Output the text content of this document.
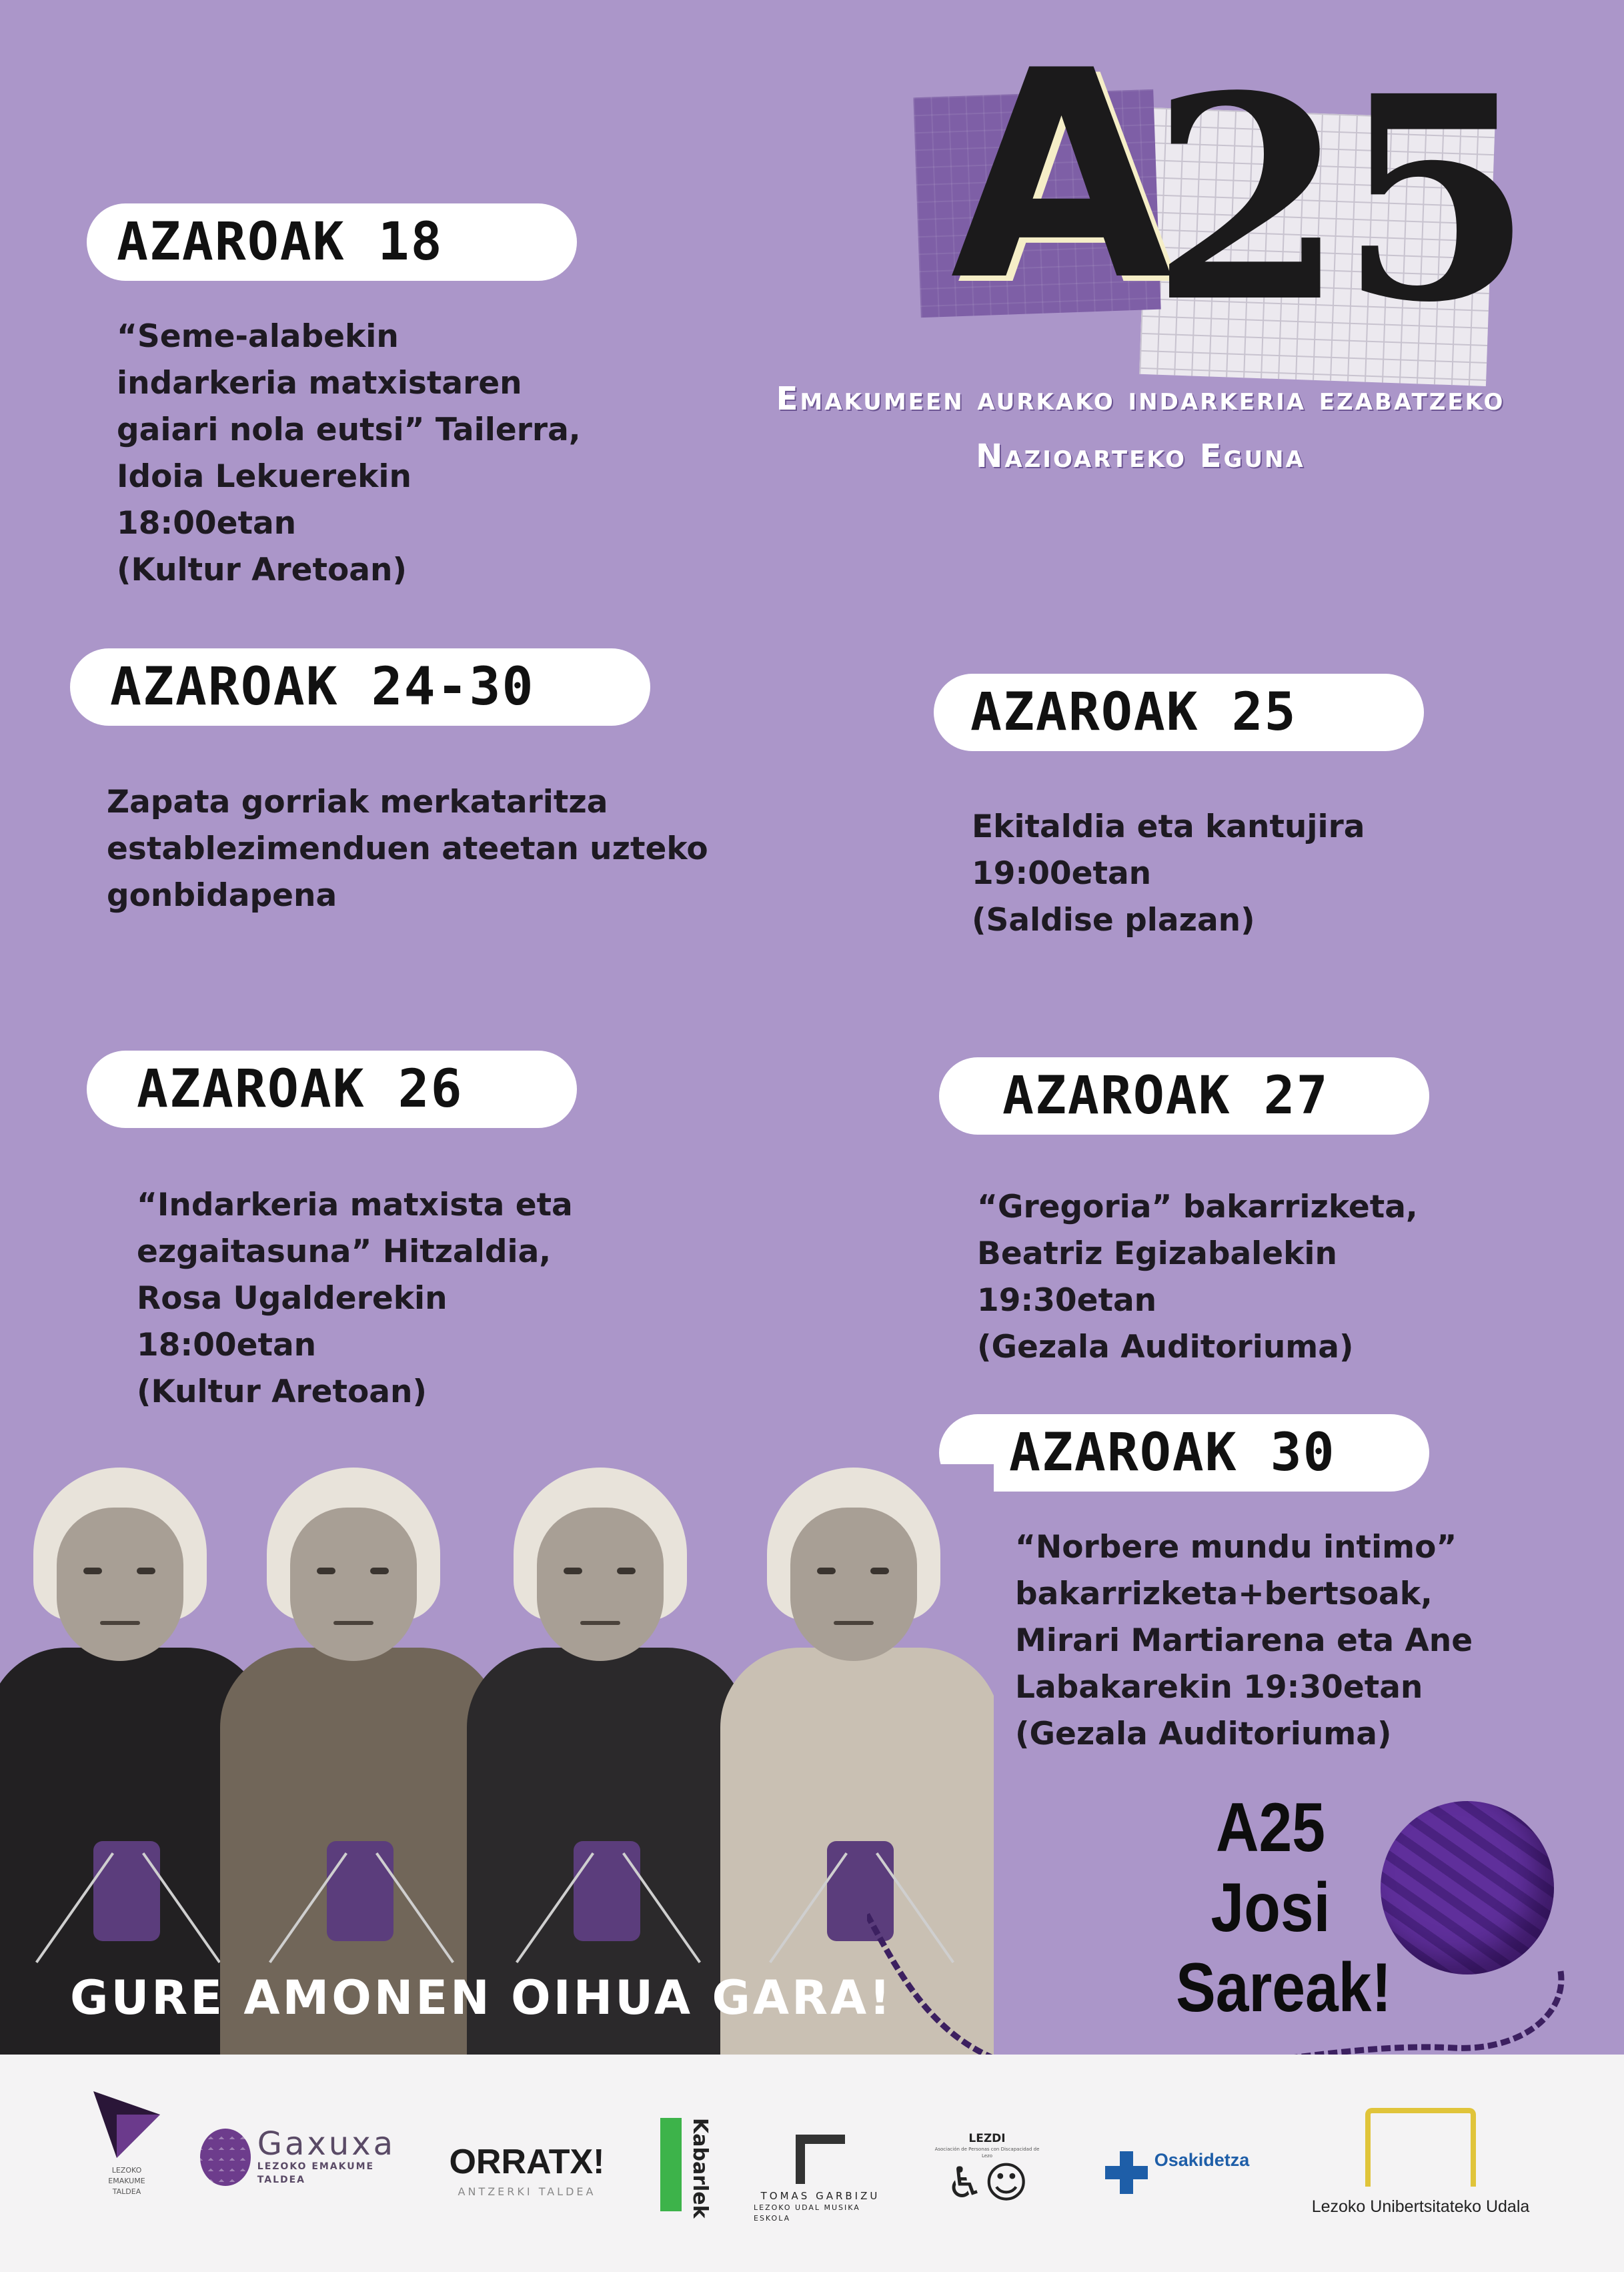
A
25
Emakumeen aurkako indarkeria ezabatzeko
Nazioarteko Eguna
AZAROAK 18
“Seme-alabekin
indarkeria matxistaren
gaiari nola eutsi” Tailerra,
Idoia Lekuerekin
18:00etan
(Kultur Aretoan)
AZAROAK 24-30
Zapata gorriak merkataritza
establezimenduen ateetan uzteko
gonbidapena
AZAROAK 25
Ekitaldia eta kantujira
19:00etan
(Saldise plazan)
AZAROAK 26
“Indarkeria matxista eta
ezgaitasuna” Hitzaldia,
Rosa Ugalderekin
18:00etan
(Kultur Aretoan)
AZAROAK 27
“Gregoria” bakarrizketa,
Beatriz Egizabalekin
19:30etan
(Gezala Auditoriuma)
AZAROAK 30
“Norbere mundu intimo”
bakarrizketa+bertsoak,
Mirari Martiarena eta Ane
Labakarekin 19:30etan
(Gezala Auditoriuma)
GURE AMONEN OIHUA GARA!
A25
Josi
Sareak!
LEZOKO
EMAKUME
TALDEA
Gaxuxa
LEZOKO EMAKUME TALDEA	ORRATX!
ANTZERKI TALDEA	Kabarlek	TOMAS GARBIZU
LEZOKO UDAL MUSIKA ESKOLA
LEZDI
Asociación de Personas con Discapacidad de Lezo
♿☺	Osakidetza
Lezoko Unibertsitateko Udala
